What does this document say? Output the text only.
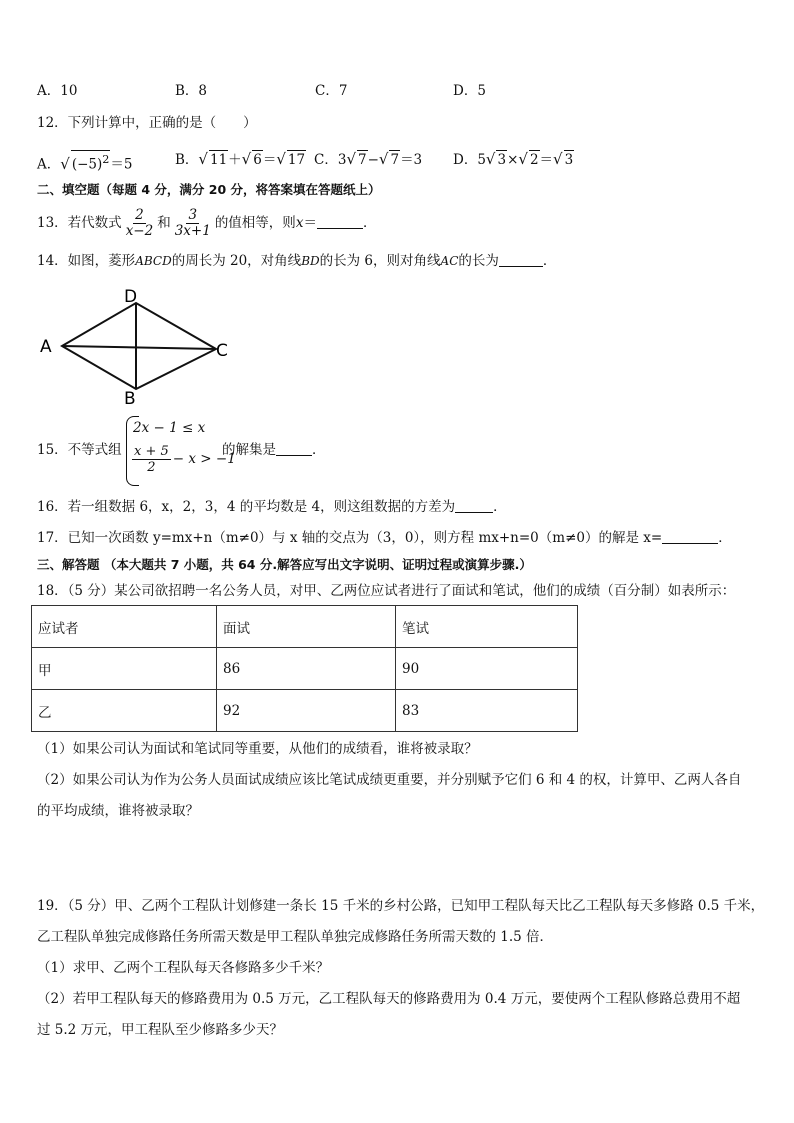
A．10	B．8	C．7	D．5
12．下列计算中，正确的是（　　）
A．√ $(-5)^2=5$	B．√ 11＋√ 6＝√ 17 C．3√ 7−√ 7＝3 D．5√ 3×√ 2＝√ 3
二、填空题（每题 4 分，满分 20 分，将答案填在答题纸上）
13．若代数式 $\frac{2}{x-2}$ 和 $\frac{3}{3x+1}$ 的值相等，则x＝	．
14．如图，菱形ABCD的周长为 20，对角线BD的长为 6，则对角线AC的长为	．
A
D
C
B
15．不等式组
2x − 1 ≤ x
$\frac{x + 5}{2} - x > -1$
的解集是	．
16．若一组数据 6，x，2，3，4 的平均数是 4，则这组数据的方差为	．
17．已知一次函数 y=mx+n（m≠0）与 x 轴的交点为（3，0），则方程 mx+n=0（m≠0）的解是 x=	．
三、解答题 （本大题共 7 小题，共 64 分.解答应写出文字说明、证明过程或演算步骤.）
18．（5 分）某公司欲招聘一名公务人员，对甲、乙两位应试者进行了面试和笔试，他们的成绩（百分制）如表所示：
应试者	面试	笔试
甲	86	90
乙	92	83
（1）如果公司认为面试和笔试同等重要，从他们的成绩看，谁将被录取？
（2）如果公司认为作为公务人员面试成绩应该比笔试成绩更重要，并分别赋予它们 6 和 4 的权，计算甲、乙两人各自
的平均成绩，谁将被录取？
19．（5 分）甲、乙两个工程队计划修建一条长 15 千米的乡村公路，已知甲工程队每天比乙工程队每天多修路 0.5 千米，
乙工程队单独完成修路任务所需天数是甲工程队单独完成修路任务所需天数的 1.5 倍．
（1）求甲、乙两个工程队每天各修路多少千米？
（2）若甲工程队每天的修路费用为 0.5 万元，乙工程队每天的修路费用为 0.4 万元，要使两个工程队修路总费用不超
过 5.2 万元，甲工程队至少修路多少天？
